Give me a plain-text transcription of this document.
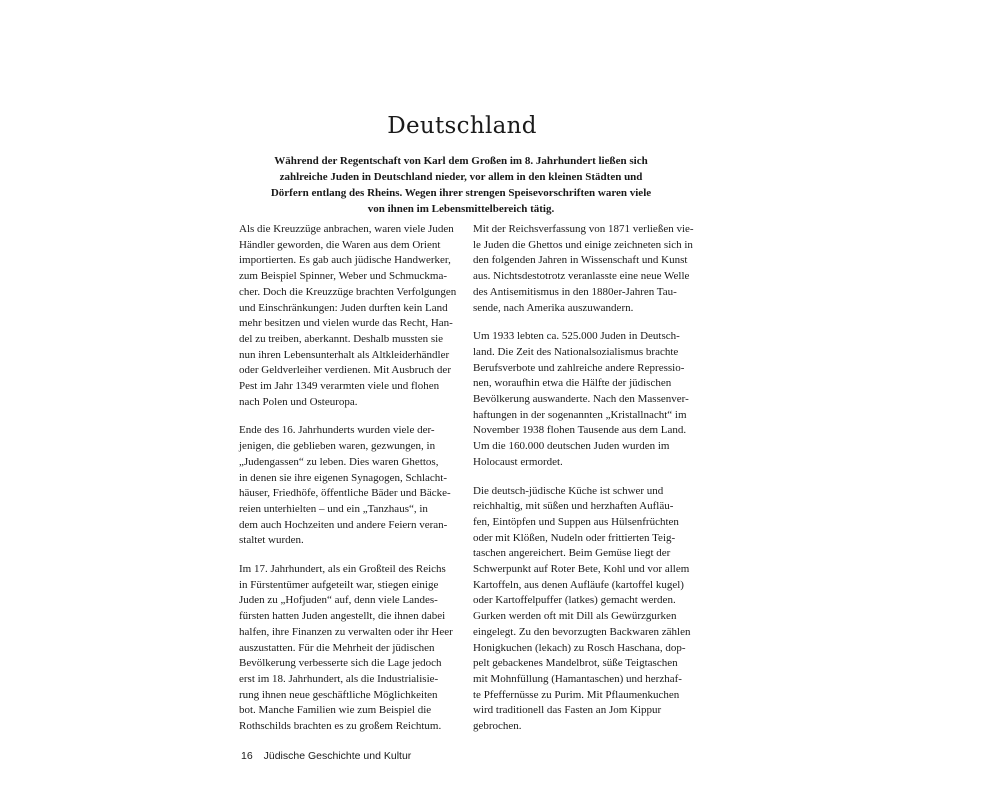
Deutschland
Während der Regentschaft von Karl dem Großen im 8. Jahrhundert ließen sich
zahlreiche Juden in Deutschland nieder, vor allem in den kleinen Städten und
Dörfern entlang des Rheins. Wegen ihrer strengen Speisevorschriften waren viele
von ihnen im Lebensmittelbereich tätig.

Als die Kreuzzüge anbrachen, waren viele Juden
Händler geworden, die Waren aus dem Orient
importierten. Es gab auch jüdische Handwerker,
zum Beispiel Spinner, Weber und Schmuckma-
cher. Doch die Kreuzzüge brachten Verfolgungen
und Einschränkungen: Juden durften kein Land
mehr besitzen und vielen wurde das Recht, Han-
del zu treiben, aberkannt. Deshalb mussten sie
nun ihren Lebensunterhalt als Altkleiderhändler
oder Geldverleiher verdienen. Mit Ausbruch der
Pest im Jahr 1349 verarmten viele und flohen
nach Polen und Osteuropa.

Ende des 16. Jahrhunderts wurden viele der-
jenigen, die geblieben waren, gezwungen, in
„Judengassen“ zu leben. Dies waren Ghettos,
in denen sie ihre eigenen Synagogen, Schlacht-
häuser, Friedhöfe, öffentliche Bäder und Bäcke-
reien unterhielten – und ein „Tanzhaus“, in
dem auch Hochzeiten und andere Feiern veran-
staltet wurden.

Im 17. Jahrhundert, als ein Großteil des Reichs
in Fürstentümer aufgeteilt war, stiegen einige
Juden zu „Hofjuden“ auf, denn viele Landes-
fürsten hatten Juden angestellt, die ihnen dabei
halfen, ihre Finanzen zu verwalten oder ihr Heer
auszustatten. Für die Mehrheit der jüdischen
Bevölkerung verbesserte sich die Lage jedoch
erst im 18. Jahrhundert, als die Industrialisie-
rung ihnen neue geschäftliche Möglichkeiten
bot. Manche Familien wie zum Beispiel die
Rothschilds brachten es zu großem Reichtum.

Mit der Reichsverfassung von 1871 verließen vie-
le Juden die Ghettos und einige zeichneten sich in
den folgenden Jahren in Wissenschaft und Kunst
aus. Nichtsdestotrotz veranlasste eine neue Welle
des Antisemitismus in den 1880er-Jahren Tau-
sende, nach Amerika auszuwandern.

Um 1933 lebten ca. 525.000 Juden in Deutsch-
land. Die Zeit des Nationalsozialismus brachte
Berufsverbote und zahlreiche andere Repressio-
nen, woraufhin etwa die Hälfte der jüdischen
Bevölkerung auswanderte. Nach den Massenver-
haftungen in der sogenannten „Kristallnacht“ im
November 1938 flohen Tausende aus dem Land.
Um die 160.000 deutschen Juden wurden im
Holocaust ermordet.

Die deutsch-jüdische Küche ist schwer und
reichhaltig, mit süßen und herzhaften Aufläu-
fen, Eintöpfen und Suppen aus Hülsenfrüchten
oder mit Klößen, Nudeln oder frittierten Teig-
taschen angereichert. Beim Gemüse liegt der
Schwerpunkt auf Roter Bete, Kohl und vor allem
Kartoffeln, aus denen Aufläufe (kartoffel kugel)
oder Kartoffelpuffer (latkes) gemacht werden.
Gurken werden oft mit Dill als Gewürzgurken
eingelegt. Zu den bevorzugten Backwaren zählen
Honigkuchen (lekach) zu Rosch Haschana, dop-
pelt gebackenes Mandelbrot, süße Teigtaschen
mit Mohnfüllung (Hamantaschen) und herzhaf-
te Pfeffernüsse zu Purim. Mit Pflaumenkuchen
wird traditionell das Fasten an Jom Kippur
gebrochen.

16 Jüdische Geschichte und Kultur
